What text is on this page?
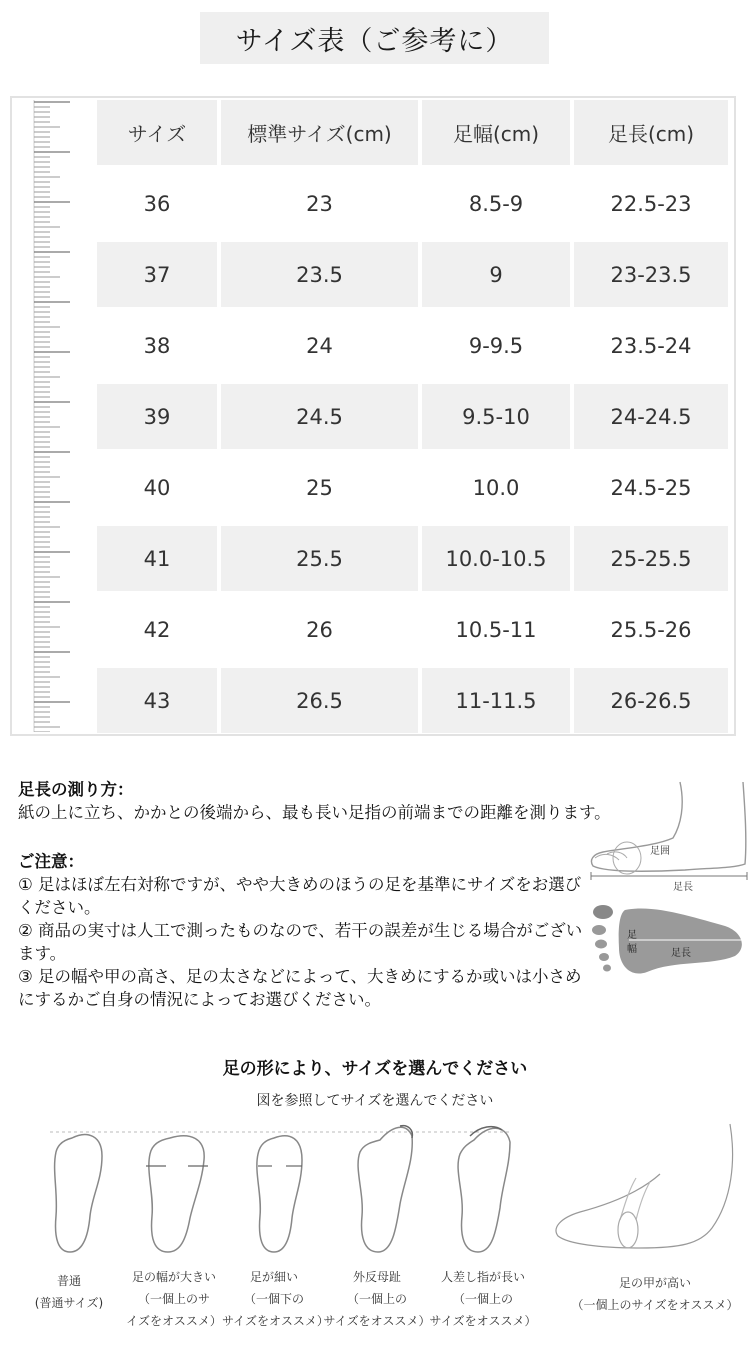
サイズ表（ご参考に）
サイズ	標準サイズ(cm)	足幅(cm)	足長(cm)
36	23	8.5-9	22.5-23
37	23.5	9	23-23.5
38	24	9-9.5	23.5-24
39	24.5	9.5-10	24-24.5
40	25	10.0	24.5-25
41	25.5	10.0-10.5	25-25.5
42	26	10.5-11	25.5-26
43	26.5	11-11.5	26-26.5

足長の測り方：

紙の上に立ち、かかとの後端から、最も長い足指の前端までの距離を測ります。

ご注意：

① 足はほぼ左右対称ですが、やや大きめのほうの足を基準にサイズをお選びください。

② 商品の実寸は人工で測ったものなので、若干の誤差が生じる場合がございます。

③ 足の幅や甲の高さ、足の太さなどによって、大きめにするか或いは小さめにするかご自身の情況によってお選びください。

足囲
足長
足
幅	足長
足の形により、サイズを選んでください
図を参照してサイズを選んでください
普通
(普通サイズ)
足の幅が大きい
（一個上のサ
イズをオススメ）
足が細い
（一個下の
サイズをオススメ）
外反母趾
（一個上の
サイズをオススメ）
人差し指が長い
（一個上の
サイズをオススメ）
足の甲が高い
（一個上のサイズをオススメ）
